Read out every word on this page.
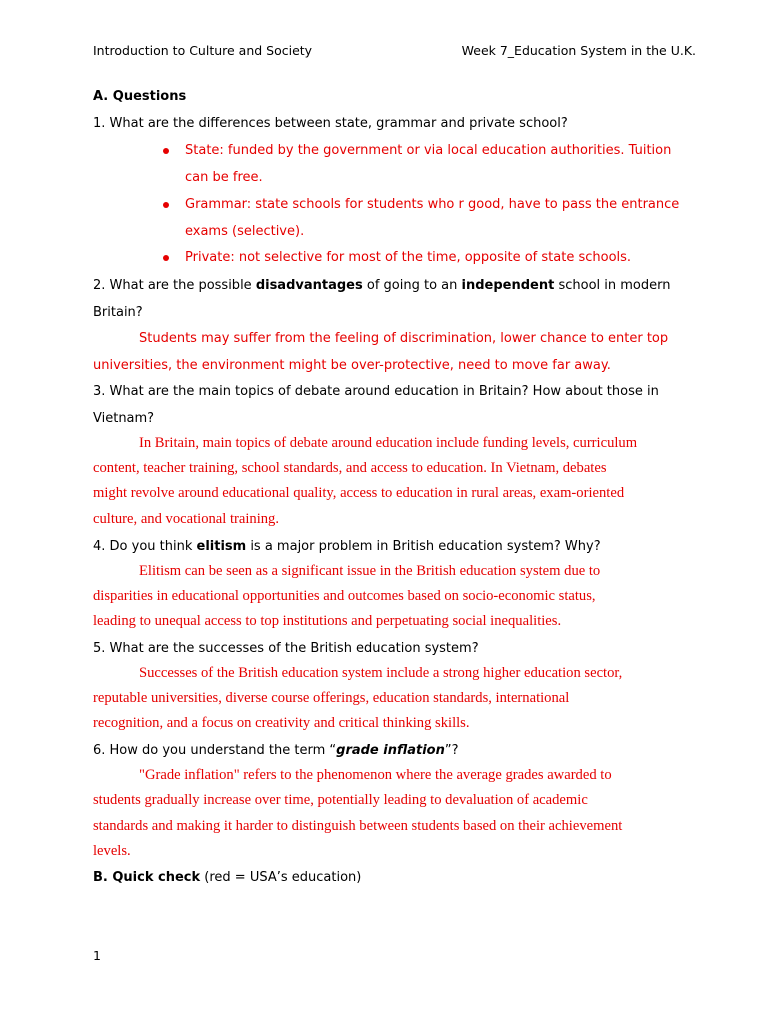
Introduction to Culture and Society	Week 7_Education System in the U.K.
A. Questions
1. What are the differences between state, grammar and private school?
State: funded by the government or via local education authorities. Tuition
can be free.
Grammar: state schools for students who r good, have to pass the entrance
exams (selective).
Private: not selective for most of the time, opposite of state schools.
2. What are the possible disadvantages of going to an independent school in modern
Britain?
Students may suffer from the feeling of discrimination, lower chance to enter top
universities, the environment might be over-protective, need to move far away.
3. What are the main topics of debate around education in Britain? How about those in
Vietnam?
In Britain, main topics of debate around education include funding levels, curriculum
content, teacher training, school standards, and access to education. In Vietnam, debates
might revolve around educational quality, access to education in rural areas, exam-oriented
culture, and vocational training.
4. Do you think elitism is a major problem in British education system? Why?
Elitism can be seen as a significant issue in the British education system due to
disparities in educational opportunities and outcomes based on socio-economic status,
leading to unequal access to top institutions and perpetuating social inequalities.
5. What are the successes of the British education system?
Successes of the British education system include a strong higher education sector,
reputable universities, diverse course offerings, education standards, international
recognition, and a focus on creativity and critical thinking skills.
6. How do you understand the term “grade inflation”?
"Grade inflation" refers to the phenomenon where the average grades awarded to
students gradually increase over time, potentially leading to devaluation of academic
standards and making it harder to distinguish between students based on their achievement
levels.
B. Quick check (red = USA’s education)
1
